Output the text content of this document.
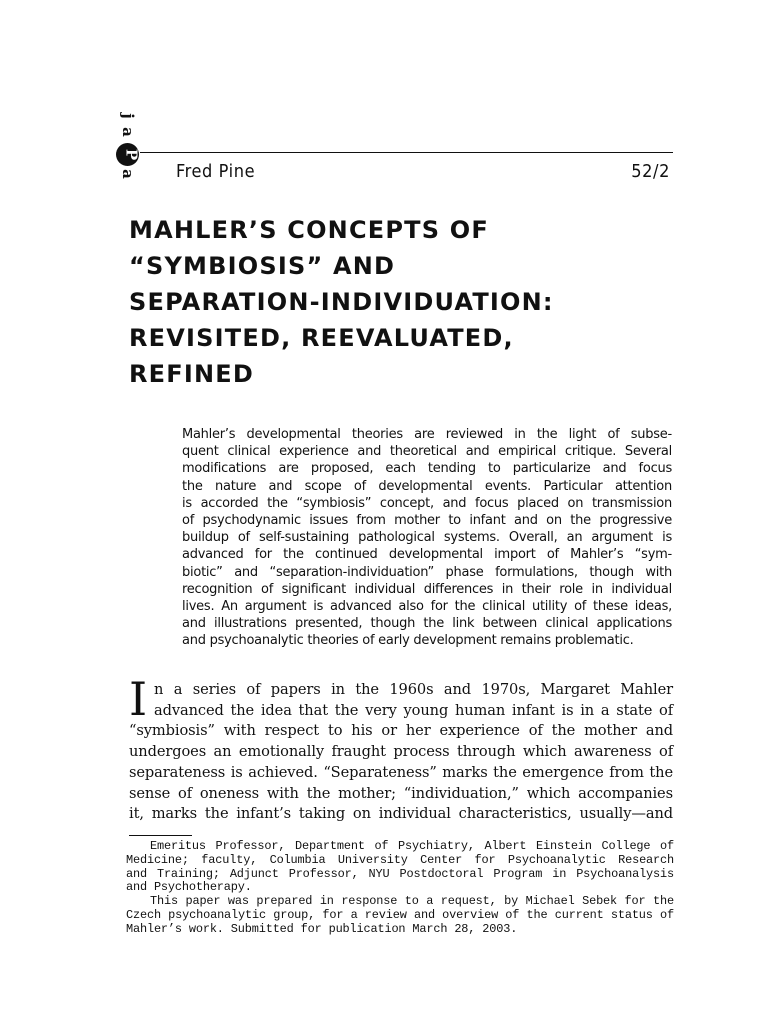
j
a
P
a Fred Pine	52/2
MAHLER’S CONCEPTS OF
“SYMBIOSIS” AND
SEPARATION-INDIVIDUATION:
REVISITED, REEVALUATED,
REFINED
Mahler’s developmental theories are reviewed in the light of subse-
quent clinical experience and theoretical and empirical critique. Several
modifications are proposed, each tending to particularize and focus
the nature and scope of developmental events. Particular attention
is accorded the “symbiosis” concept, and focus placed on transmission
of psychodynamic issues from mother to infant and on the progressive
buildup of self-sustaining pathological systems. Overall, an argument is
advanced for the continued developmental import of Mahler’s “sym-
biotic” and “separation-individuation” phase formulations, though with
recognition of significant individual differences in their role in individual
lives. An argument is advanced also for the clinical utility of these ideas,
and illustrations presented, though the link between clinical applications
and psychoanalytic theories of early development remains problematic.
I n a series of papers in the 1960s and 1970s, Margaret Mahler
advanced the idea that the very young human infant is in a state of
“symbiosis” with respect to his or her experience of the mother and
undergoes an emotionally fraught process through which awareness of
separateness is achieved. “Separateness” marks the emergence from the
sense of oneness with the mother; “individuation,” which accompanies
it, marks the infant’s taking on individual characteristics, usually—and
Emeritus Professor, Department of Psychiatry, Albert Einstein College of
Medicine; faculty, Columbia University Center for Psychoanalytic Research
and Training; Adjunct Professor, NYU Postdoctoral Program in Psychoanalysis
and Psychotherapy.
This paper was prepared in response to a request, by Michael Sebek for the
Czech psychoanalytic group, for a review and overview of the current status of
Mahler’s work. Submitted for publication March 28, 2003.
